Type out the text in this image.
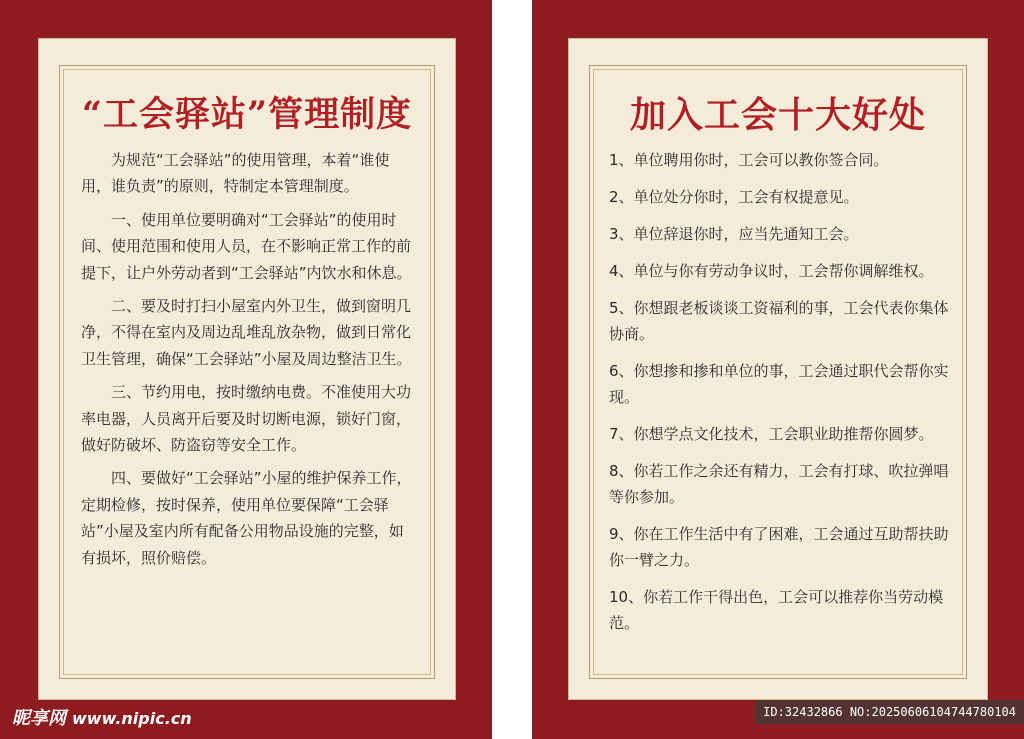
“工会驿站”管理制度

为规范“工会驿站”的使用管理，本着“谁使用，谁负责”的原则，特制定本管理制度。

一、使用单位要明确对“工会驿站”的使用时间、使用范围和使用人员，在不影响正常工作的前提下，让户外劳动者到“工会驿站”内饮水和休息。

二、要及时打扫小屋室内外卫生，做到窗明几净，不得在室内及周边乱堆乱放杂物，做到日常化卫生管理，确保“工会驿站”小屋及周边整洁卫生。

三、节约用电，按时缴纳电费。不准使用大功率电器，人员离开后要及时切断电源，锁好门窗，做好防破坏、防盗窃等安全工作。

四、要做好“工会驿站”小屋的维护保养工作，定期检修，按时保养，使用单位要保障“工会驿站”小屋及室内所有配备公用物品设施的完整，如有损坏，照价赔偿。

加入工会十大好处
1、单位聘用你时，工会可以教你签合同。
2、单位处分你时，工会有权提意见。
3、单位辞退你时，应当先通知工会。
4、单位与你有劳动争议时，工会帮你调解维权。
5、你想跟老板谈谈工资福利的事，工会代表你集体协商。
6、你想掺和掺和单位的事，工会通过职代会帮你实现。
7、你想学点文化技术，工会职业助推帮你圆梦。
8、你若工作之余还有精力，工会有打球、吹拉弹唱等你参加。
9、你在工作生活中有了困难，工会通过互助帮扶助你一臂之力。
10、你若工作干得出色，工会可以推荐你当劳动模范。
昵享网 www.nipic.cn	ID:32432866 NO:20250606104744780104
